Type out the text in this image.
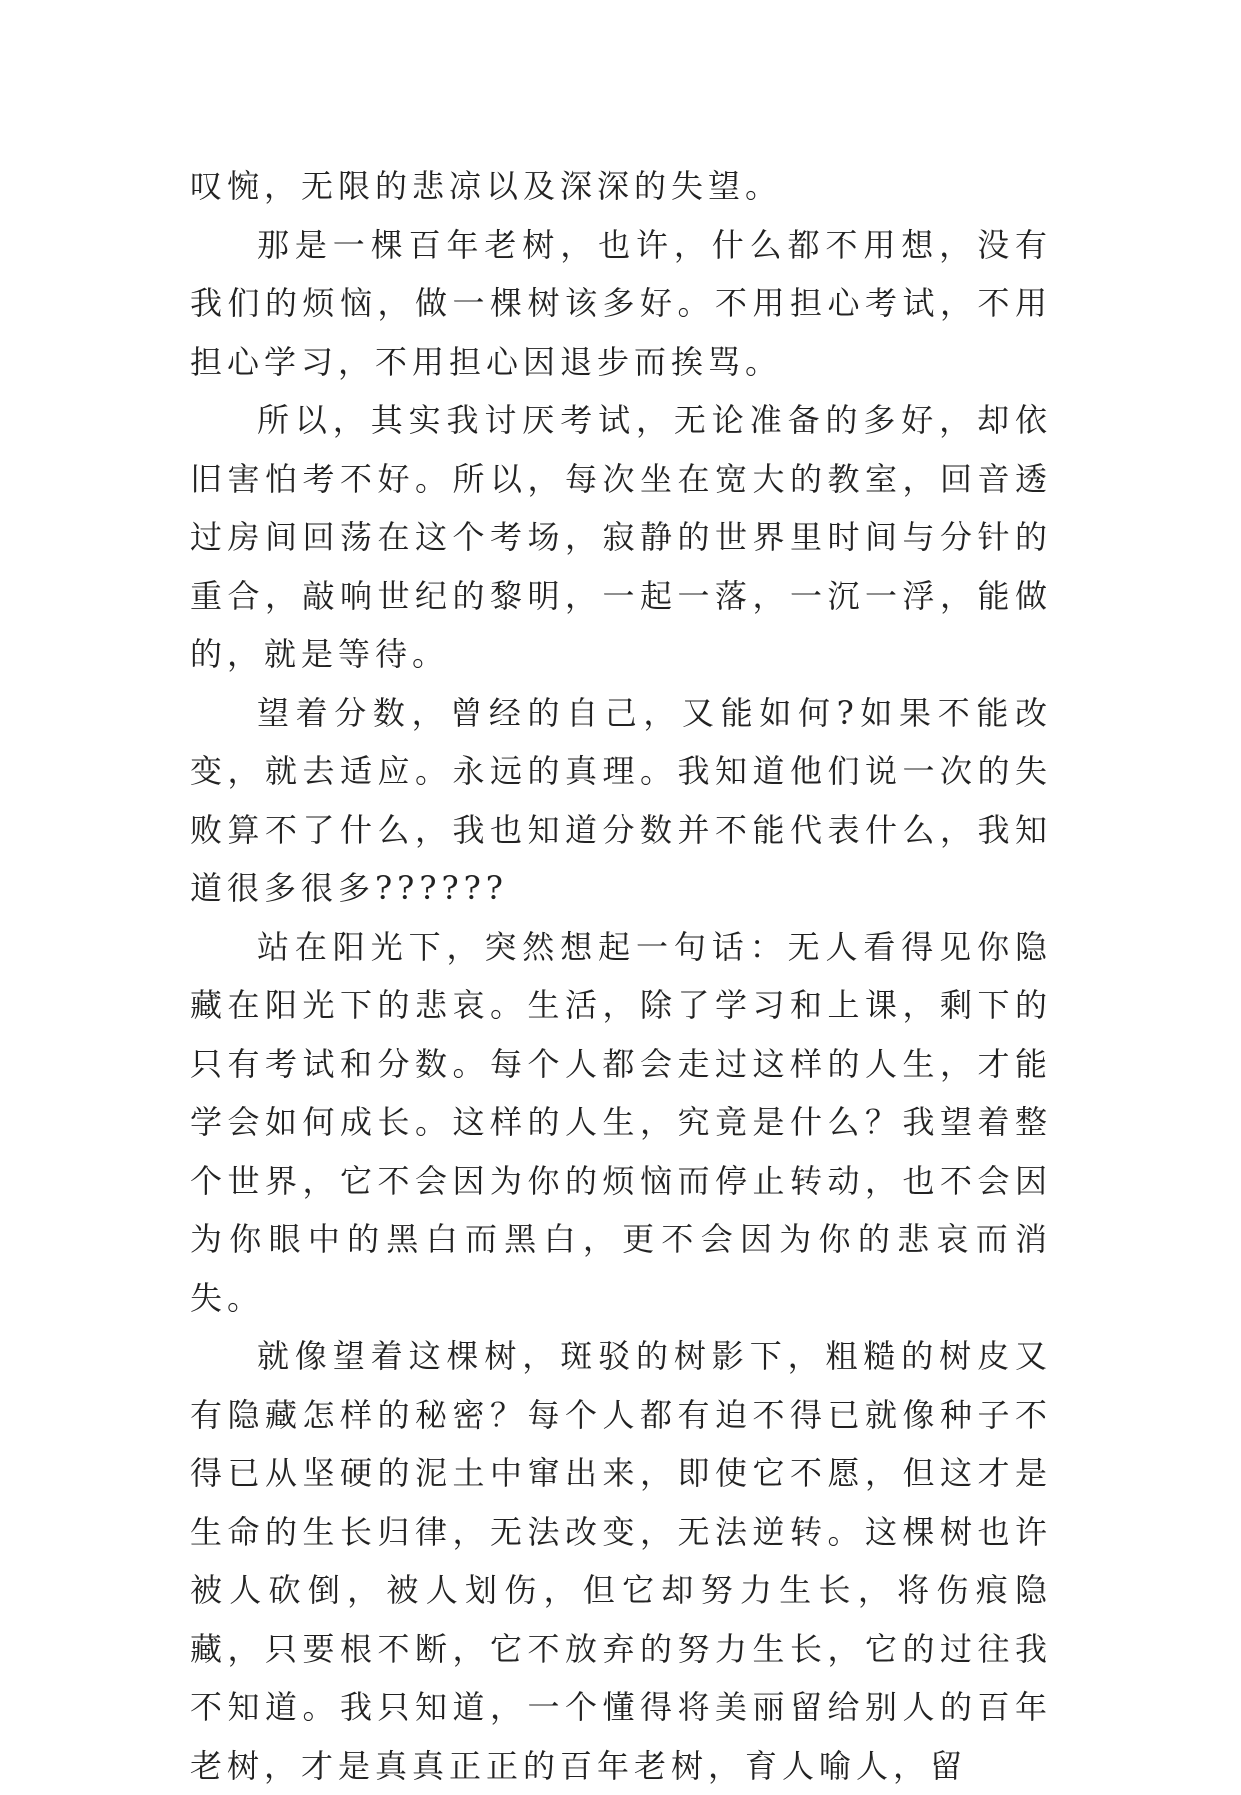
叹惋，无限的悲凉以及深深的失望。

那是一棵百年老树，也许，什么都不用想，没有我们的烦恼，做一棵树该多好。不用担心考试，不用担心学习，不用担心因退步而挨骂。

所以，其实我讨厌考试，无论准备的多好，却依旧害怕考不好。所以，每次坐在宽大的教室，回音透过房间回荡在这个考场，寂静的世界里时间与分针的重合，敲响世纪的黎明，一起一落，一沉一浮，能做的，就是等待。

望着分数，曾经的自己，又能如何?如果不能改变，就去适应。永远的真理。我知道他们说一次的失败算不了什么，我也知道分数并不能代表什么，我知道很多很多??????

站在阳光下，突然想起一句话：无人看得见你隐藏在阳光下的悲哀。生活，除了学习和上课，剩下的只有考试和分数。每个人都会走过这样的人生，才能学会如何成长。这样的人生，究竟是什么？我望着整个世界，它不会因为你的烦恼而停止转动，也不会因为你眼中的黑白而黑白，更不会因为你的悲哀而消失。

就像望着这棵树，斑驳的树影下，粗糙的树皮又有隐藏怎样的秘密？每个人都有迫不得已就像种子不得已从坚硬的泥土中窜出来，即使它不愿，但这才是生命的生长归律，无法改变，无法逆转。这棵树也许被人砍倒，被人划伤，但它却努力生长，将伤痕隐藏，只要根不断，它不放弃的努力生长，它的过往我不知道。我只知道，一个懂得将美丽留给别人的百年老树，才是真真正正的百年老树，育人喻人，留
